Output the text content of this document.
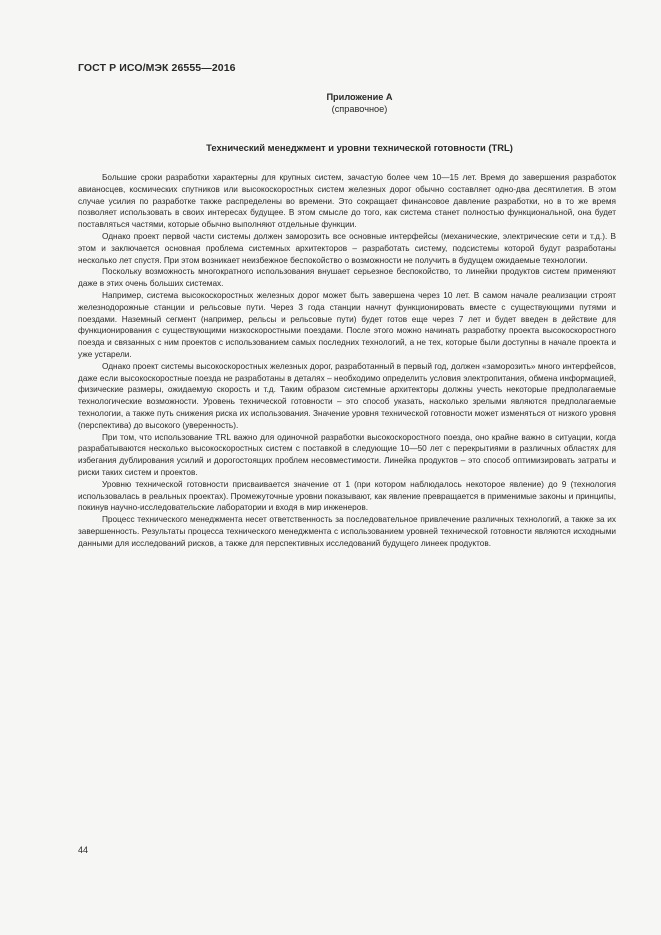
ГОСТ Р ИСО/МЭК 26555—2016
Приложение А
(справочное)
Технический менеджмент и уровни технической готовности (TRL)

Большие сроки разработки характерны для крупных систем, зачастую более чем 10—15 лет. Время до завершения разработок авианосцев, космических спутников или высокоскоростных систем железных дорог обычно составляет одно-два десятилетия. В этом случае усилия по разработке также распределены во времени. Это сокращает финансовое давление разработки, но в то же время позволяет использовать в своих интересах будущее. В этом смысле до того, как система станет полностью функциональной, она будет поставляться частями, которые обычно выполняют отдельные функции.

Однако проект первой части системы должен заморозить все основные интерфейсы (механические, электрические сети и т.д.). В этом и заключается основная проблема системных архитекторов – разработать систему, подсистемы которой будут разработаны несколько лет спустя. При этом возникает неизбежное беспокойство о возможности не получить в будущем ожидаемые технологии.

Поскольку возможность многократного использования внушает серьезное беспокойство, то линейки продуктов систем применяют даже в этих очень больших системах.

Например, система высокоскоростных железных дорог может быть завершена через 10 лет. В самом начале реализации строят железнодорожные станции и рельсовые пути. Через 3 года станции начнут функционировать вместе с существующими путями и поездами. Наземный сегмент (например, рельсы и рельсовые пути) будет готов еще через 7 лет и будет введен в действие для функционирования с существующими низкоскоростными поездами. После этого можно начинать разработку проекта высокоскоростного поезда и связанных с ним проектов с использованием самых последних технологий, а не тех, которые были доступны в начале проекта и уже устарели.

Однако проект системы высокоскоростных железных дорог, разработанный в первый год, должен «заморозить» много интерфейсов, даже если высокоскоростные поезда не разработаны в деталях – необходимо определить условия электропитания, обмена информацией, физические размеры, ожидаемую скорость и т.д. Таким образом системные архитекторы должны учесть некоторые предполагаемые технологические возможности. Уровень технической готовности – это способ указать, насколько зрелыми являются предполагаемые технологии, а также путь снижения риска их использования. Значение уровня технической готовности может изменяться от низкого уровня (перспектива) до высокого (уверенность).

При том, что использование TRL важно для одиночной разработки высокоскоростного поезда, оно крайне важно в ситуации, когда разрабатываются несколько высокоскоростных систем с поставкой в следующие 10—50 лет с перекрытиями в различных областях для избегания дублирования усилий и дорогостоящих проблем несовместимости. Линейка продуктов – это способ оптимизировать затраты и риски таких систем и проектов.

Уровню технической готовности присваивается значение от 1 (при котором наблюдалось некоторое явление) до 9 (технология использовалась в реальных проектах). Промежуточные уровни показывают, как явление превращается в применимые законы и принципы, покинув научно-исследовательские лаборатории и входя в мир инженеров.

Процесс технического менеджмента несет ответственность за последовательное привлечение различных технологий, а также за их завершенность. Результаты процесса технического менеджмента с использованием уровней технической готовности являются исходными данными для исследований рисков, а также для перспективных исследований будущего линеек продуктов.

44
